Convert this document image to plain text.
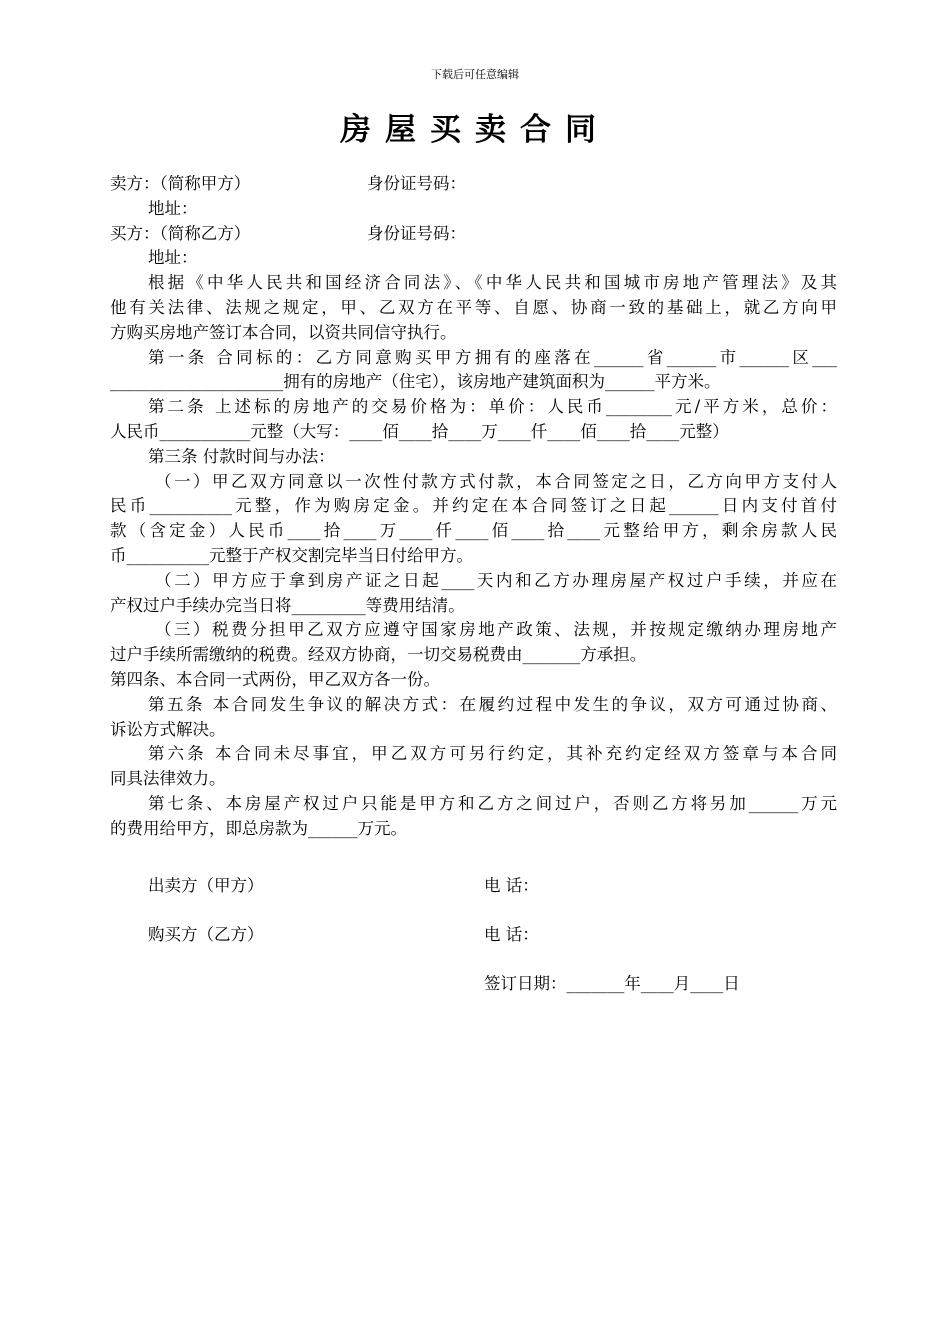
下载后可任意编辑
房屋买卖合同
卖方：（简称甲方）	身份证号码：
地址：
买方：（简称乙方）	身份证号码：
地址：
根据《中华人民共和国经济合同法》、《中华人民共和国城市房地产管理法》及其
他有关法律、法规之规定，甲、乙双方在平等、自愿、协商一致的基础上，就乙方向甲
方购买房地产签订本合同，以资共同信守执行。
第一条 合同标的：乙方同意购买甲方拥有的座落在______省______市______区___
_____________________拥有的房地产（住宅），该房地产建筑面积为______平方米。
第二条 上述标的房地产的交易价格为：单价：人民币________元/平方米，总价：
人民币___________元整（大写：____佰____拾____万____仟____佰____拾____元整）
第三条 付款时间与办法：
（一）甲乙双方同意以一次性付款方式付款，本合同签定之日，乙方向甲方支付人
民币__________元整，作为购房定金。并约定在本合同签订之日起______日内支付首付
款（含定金）人民币____拾____万____仟____佰____拾____元整给甲方，剩余房款人民
币__________元整于产权交割完毕当日付给甲方。
（二）甲方应于拿到房产证之日起____天内和乙方办理房屋产权过户手续，并应在
产权过户手续办完当日将_________等费用结清。
（三）税费分担甲乙双方应遵守国家房地产政策、法规，并按规定缴纳办理房地产
过户手续所需缴纳的税费。经双方协商，一切交易税费由_______方承担。
第四条、本合同一式两份，甲乙双方各一份。
第五条 本合同发生争议的解决方式：在履约过程中发生的争议，双方可通过协商、
诉讼方式解决。
第六条 本合同未尽事宜，甲乙双方可另行约定，其补充约定经双方签章与本合同
同具法律效力。
第七条、本房屋产权过户只能是甲方和乙方之间过户，否则乙方将另加______万元
的费用给甲方，即总房款为______万元。
出卖方（甲方）	电 话：
购买方（乙方）	电 话：
签订日期：_______年____月____日
